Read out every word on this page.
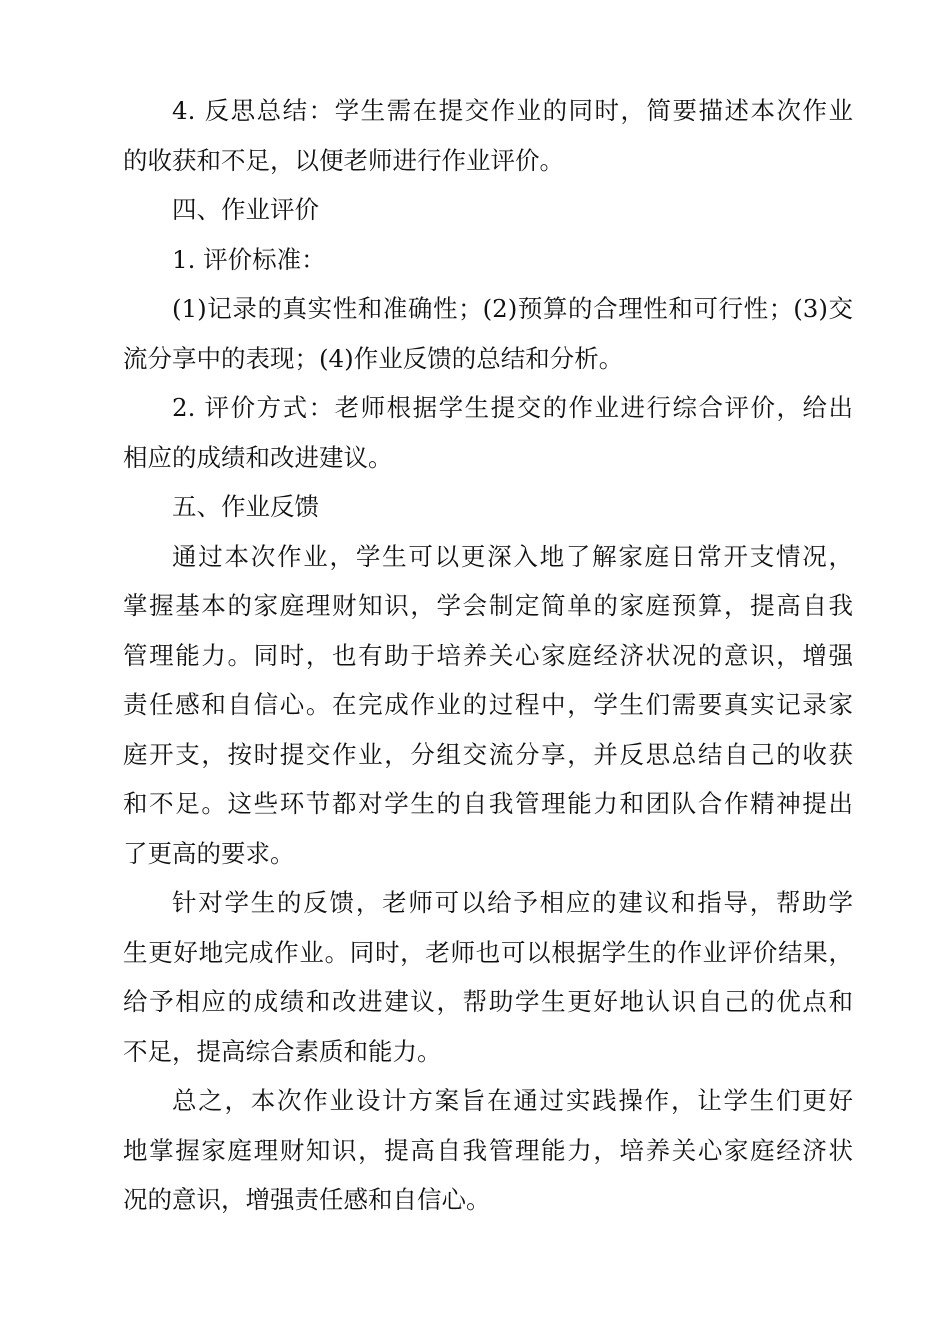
4. 反思总结：学生需在提交作业的同时，简要描述本次作业
的收获和不足，以便老师进行作业评价。
四、作业评价
1. 评价标准：
(1)记录的真实性和准确性；(2)预算的合理性和可行性；(3)交
流分享中的表现；(4)作业反馈的总结和分析。
2. 评价方式：老师根据学生提交的作业进行综合评价，给出
相应的成绩和改进建议。
五、作业反馈
通过本次作业，学生可以更深入地了解家庭日常开支情况，
掌握基本的家庭理财知识，学会制定简单的家庭预算，提高自我
管理能力。同时，也有助于培养关心家庭经济状况的意识，增强
责任感和自信心。在完成作业的过程中，学生们需要真实记录家
庭开支，按时提交作业，分组交流分享，并反思总结自己的收获
和不足。这些环节都对学生的自我管理能力和团队合作精神提出
了更高的要求。
针对学生的反馈，老师可以给予相应的建议和指导，帮助学
生更好地完成作业。同时，老师也可以根据学生的作业评价结果，
给予相应的成绩和改进建议，帮助学生更好地认识自己的优点和
不足，提高综合素质和能力。
总之，本次作业设计方案旨在通过实践操作，让学生们更好
地掌握家庭理财知识，提高自我管理能力，培养关心家庭经济状
况的意识，增强责任感和自信心。
